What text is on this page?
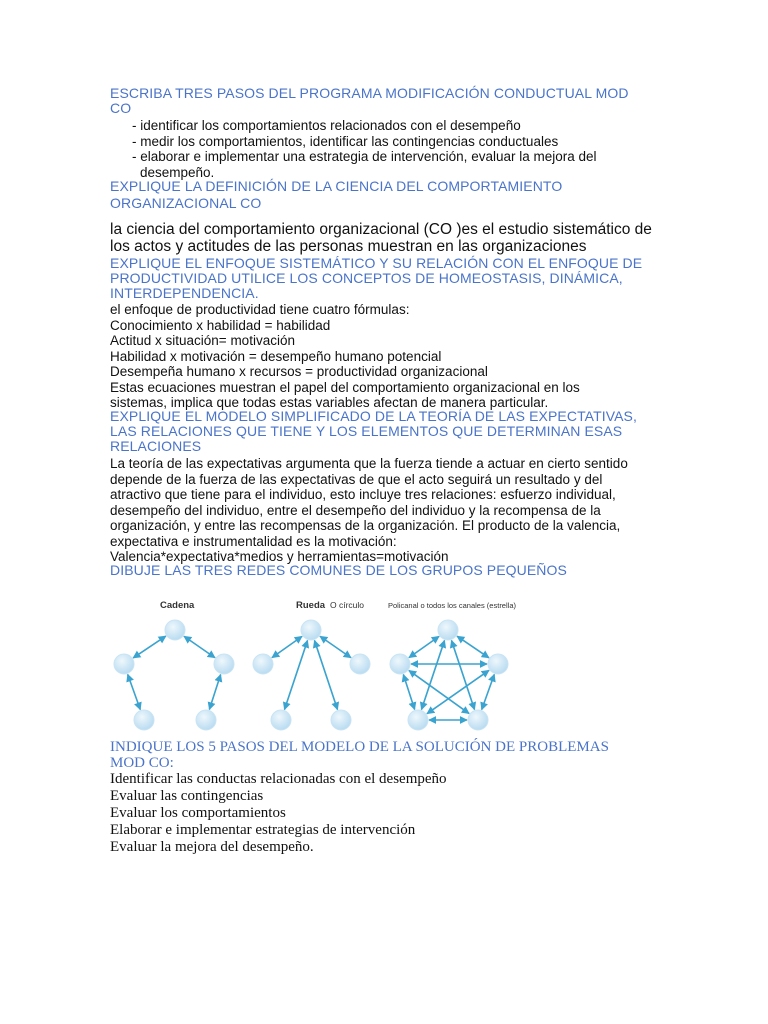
ESCRIBA TRES PASOS DEL PROGRAMA MODIFICACIÓN CONDUCTUAL MOD
CO
- identificar los comportamientos relacionados con el desempeño
- medir los comportamientos, identificar las contingencias conductuales
- elaborar e implementar una estrategia de intervención, evaluar la mejora del
desempeño.
EXPLIQUE LA DEFINICIÓN DE LA CIENCIA DEL COMPORTAMIENTO
ORGANIZACIONAL CO
la ciencia del comportamiento organizacional (CO )es el estudio sistemático de
los actos y actitudes de las personas muestran en las organizaciones
EXPLIQUE EL ENFOQUE SISTEMÁTICO Y SU RELACIÓN CON EL ENFOQUE DE
PRODUCTIVIDAD UTILICE LOS CONCEPTOS DE HOMEOSTASIS, DINÁMICA,
INTERDEPENDENCIA.
el enfoque de productividad tiene cuatro fórmulas:
Conocimiento x habilidad = habilidad
Actitud x situación= motivación
Habilidad x motivación = desempeño humano potencial
Desempeña humano x recursos = productividad organizacional
Estas ecuaciones muestran el papel del comportamiento organizacional en los
sistemas, implica que todas estas variables afectan de manera particular.
EXPLIQUE EL MODELO SIMPLIFICADO DE LA TEORÍA DE LAS EXPECTATIVAS,
LAS RELACIONES QUE TIENE Y LOS ELEMENTOS QUE DETERMINAN ESAS
RELACIONES
La teoría de las expectativas argumenta que la fuerza tiende a actuar en cierto sentido
depende de la fuerza de las expectativas de que el acto seguirá un resultado y del
atractivo que tiene para el individuo, esto incluye tres relaciones: esfuerzo individual,
desempeño del individuo, entre el desempeño del individuo y la recompensa de la
organización, y entre las recompensas de la organización. El producto de la valencia,
expectativa e instrumentalidad es la motivación:
Valencia*expectativa*medios y herramientas=motivación
DIBUJE LAS TRES REDES COMUNES DE LOS GRUPOS PEQUEÑOS
Cadena	Rueda O círculo	Policanal o todos los canales (estrella)
INDIQUE LOS 5 PASOS DEL MODELO DE LA SOLUCIÓN DE PROBLEMAS
MOD CO:
Identificar las conductas relacionadas con el desempeño
Evaluar las contingencias
Evaluar los comportamientos
Elaborar e implementar estrategias de intervención
Evaluar la mejora del desempeño.
